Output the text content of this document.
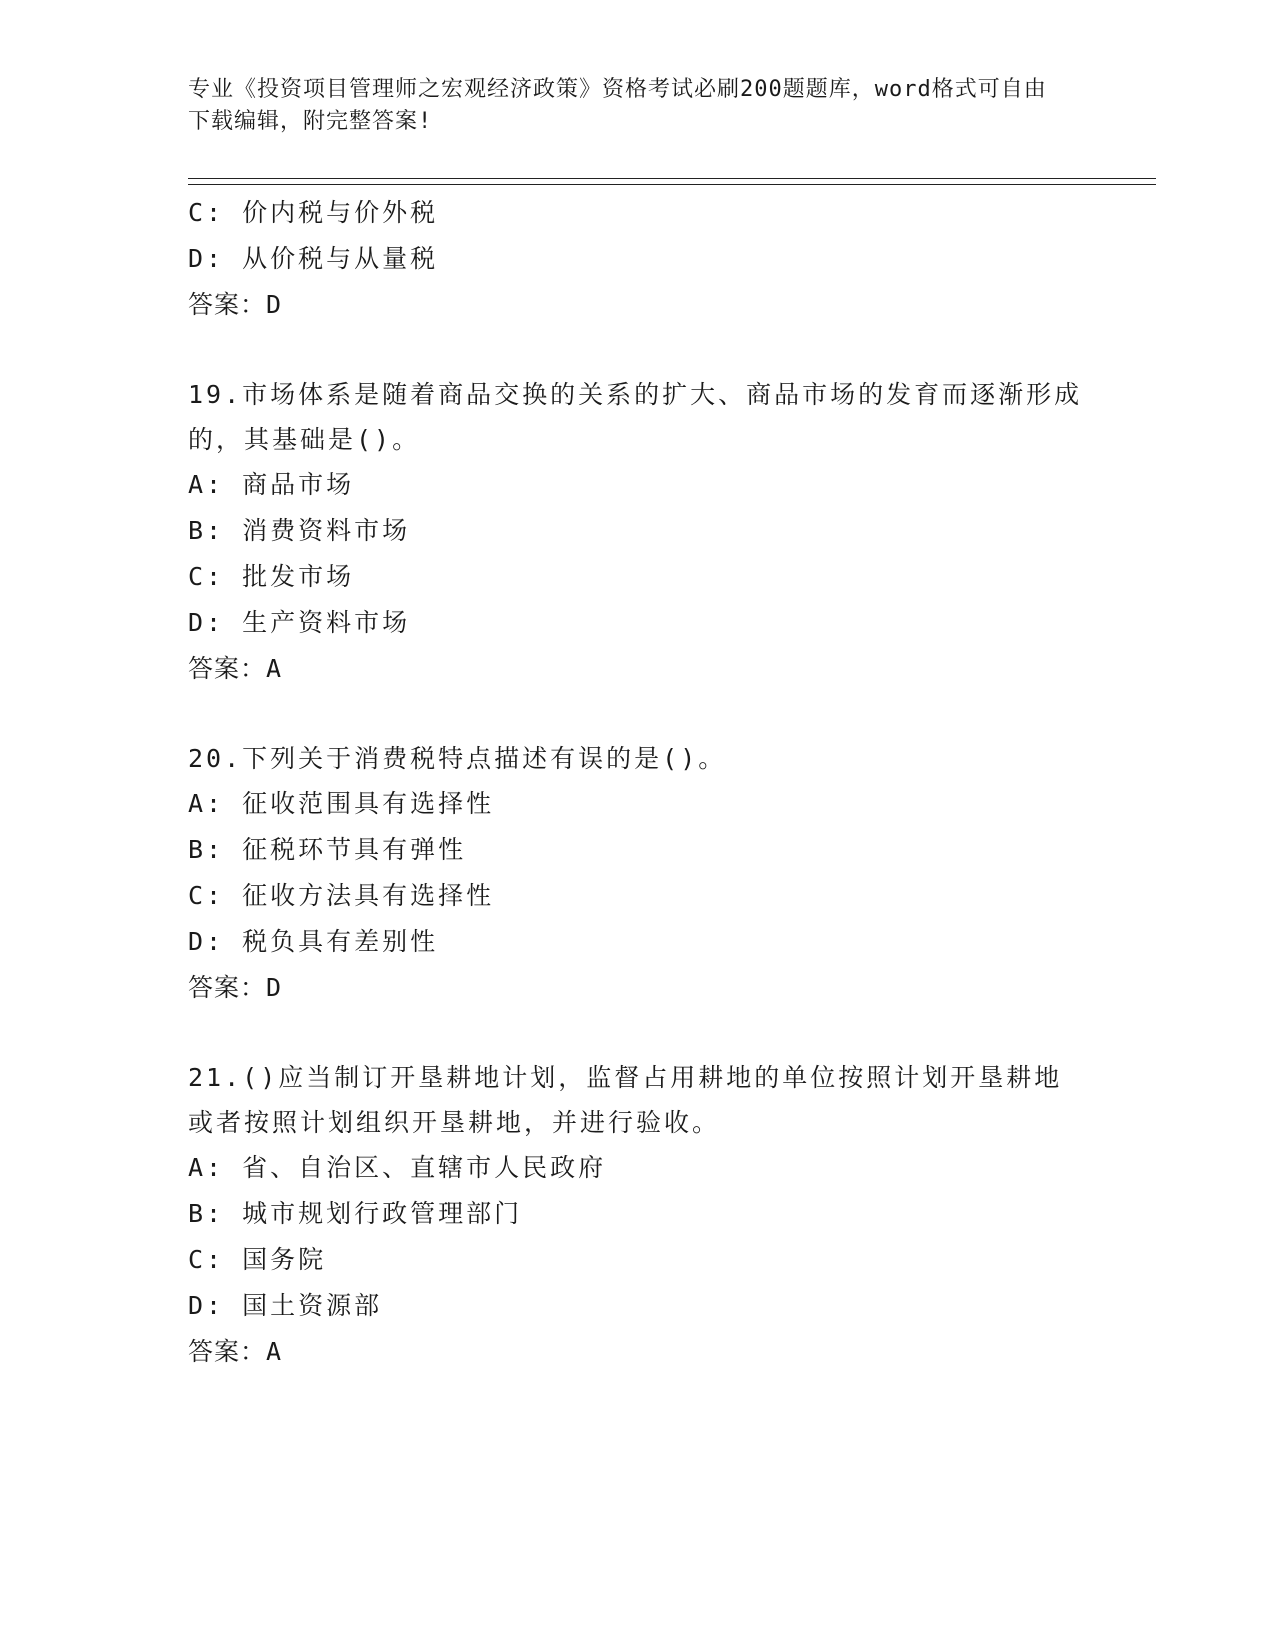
专业《投资项目管理师之宏观经济政策》资格考试必刷200题题库，word格式可自由下载编辑，附完整答案!
C: 价内税与价外税
D: 从价税与从量税
答案：D
19.市场体系是随着商品交换的关系的扩大、商品市场的发育而逐渐形成的，其基础是()。
A: 商品市场
B: 消费资料市场
C: 批发市场
D: 生产资料市场
答案：A
20.下列关于消费税特点描述有误的是()。
A: 征收范围具有选择性
B: 征税环节具有弹性
C: 征收方法具有选择性
D: 税负具有差别性
答案：D
21.()应当制订开垦耕地计划，监督占用耕地的单位按照计划开垦耕地或者按照计划组织开垦耕地，并进行验收。
A: 省、自治区、直辖市人民政府
B: 城市规划行政管理部门
C: 国务院
D: 国土资源部
答案：A
